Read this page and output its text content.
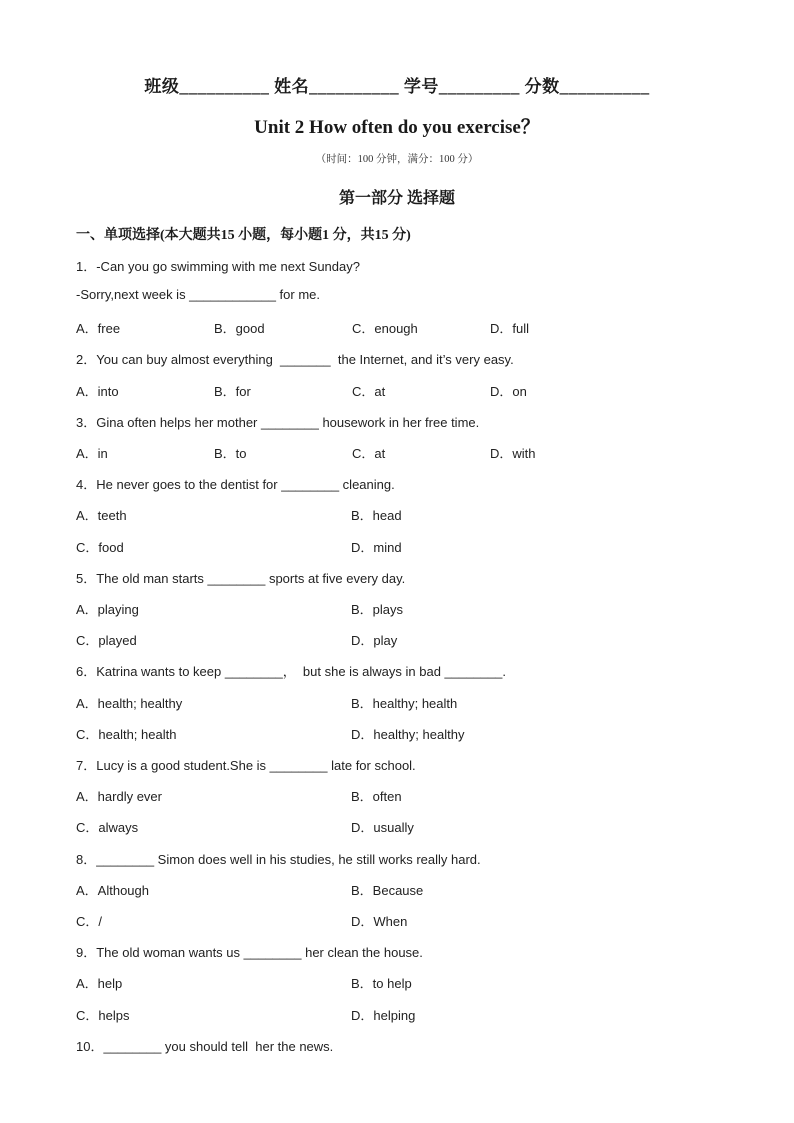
班级__________ 姓名__________ 学号_________ 分数__________
Unit 2 How often do you exercise？
（时间：100 分钟，满分：100 分）
第一部分 选择题
一、单项选择(本大题共15 小题，每小题1 分，共15 分)
1．-Can you go swimming with me next Sunday?
-Sorry,next week is ____________ for me.
A．free	B．good	C．enough	D．full
2．You can buy almost everything  _______  the Internet, and it’s very easy.
A．into	B．for	C．at	D．on
3．Gina often helps her mother ________ housework in her free time.
A．in	B．to	C．at	D．with
4．He never goes to the dentist for ________ cleaning.
A．teeth	B．head
C．food	D．mind
5．The old man starts ________ sports at five every day.
A．playing	B．plays
C．played	D．play
6．Katrina wants to keep ________，  but she is always in bad ________.
A．health; healthy	B．healthy; health
C．health; health	D．healthy; healthy
7．Lucy is a good student.She is ________ late for school.
A．hardly ever	B．often
C．always	D．usually
8．________ Simon does well in his studies, he still works really hard.
A．Although	B．Because
C．/	D．When
9．The old woman wants us ________ her clean the house.
A．help	B．to help
C．helps	D．helping
10．________ you should tell  her the news.
